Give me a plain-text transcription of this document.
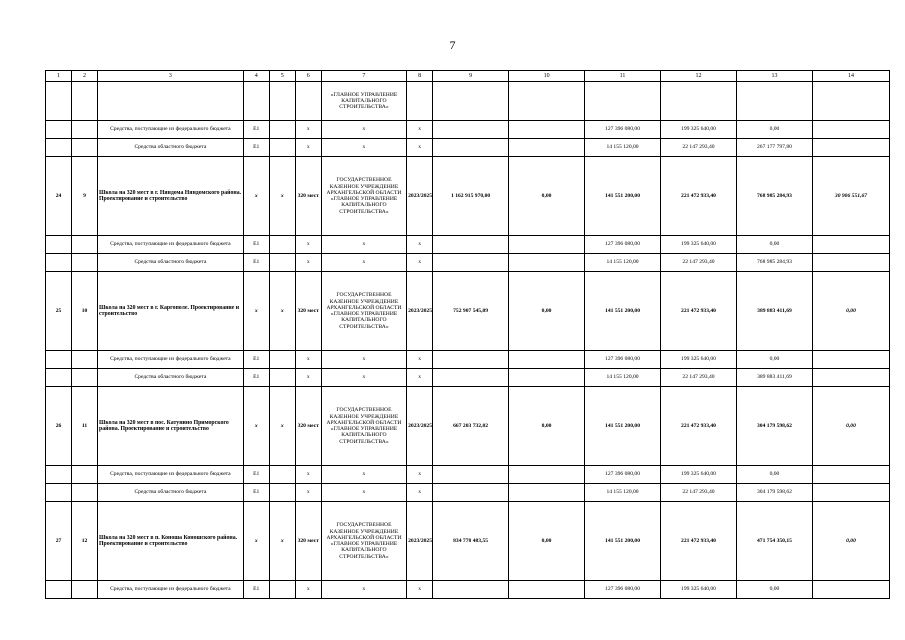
7
1	2	3	4	5	6	7	8	9	10	11	12	13	14
						«ГЛАВНОЕ УПРАВЛЕНИЕ КАПИТАЛЬНОГО СТРОИТЕЛЬСТВА»							
		Средства, поступающие из федерального бюджета	E1		x	x	x			127 396 080,00	199 325 640,00	0,00	
		Средства областного бюджета	E1		x	x	x			14 155 120,00	22 147 293,40	267 177 797,80	
24	9	Школа на 320 мест в г. Няндома Няндомского района. Проектирование и строительство	x	x	320 мест	ГОСУДАРСТВЕННОЕ КАЗЕННОЕ УЧРЕЖДЕНИЕ АРХАНГЕЛЬСКОЙ ОБЛАСТИ «ГЛАВНОЕ УПРАВЛЕНИЕ КАПИТАЛЬНОГО СТРОИТЕЛЬСТВА»	2023/2025	1 162 915 970,00	0,00	141 551 200,00	221 472 933,40	768 985 284,93	30 906 551,67
		Средства, поступающие из федерального бюджета	E1		x	x	x			127 396 080,00	199 325 640,00	0,00	
		Средства областного бюджета	E1		x	x	x			14 155 120,00	22 147 293,40	768 985 284,93	
25	10	Школа на 320 мест в г. Каргополе. Проектирование и строительство	x	x	320 мест	ГОСУДАРСТВЕННОЕ КАЗЕННОЕ УЧРЕЖДЕНИЕ АРХАНГЕЛЬСКОЙ ОБЛАСТИ «ГЛАВНОЕ УПРАВЛЕНИЕ КАПИТАЛЬНОГО СТРОИТЕЛЬСТВА»	2023/2025	752 907 545,09	0,00	141 551 200,00	221 472 933,40	389 883 411,69	0,00
		Средства, поступающие из федерального бюджета	E1		x	x	x			127 396 080,00	199 325 640,00	0,00	
		Средства областного бюджета	E1		x	x	x			14 155 120,00	22 147 293,40	389 883 411,69	
26	11	Школа на 320 мест в пос. Катунино Приморского района. Проектирование и строительство	x	x	320 мест	ГОСУДАРСТВЕННОЕ КАЗЕННОЕ УЧРЕЖДЕНИЕ АРХАНГЕЛЬСКОЙ ОБЛАСТИ «ГЛАВНОЕ УПРАВЛЕНИЕ КАПИТАЛЬНОГО СТРОИТЕЛЬСТВА»	2023/2025	667 203 732,02	0,00	141 551 200,00	221 472 933,40	304 179 598,62	0,00
		Средства, поступающие из федерального бюджета	E1		x	x	x			127 396 080,00	199 325 640,00	0,00	
		Средства областного бюджета	E1		x	x	x			14 155 120,00	22 147 293,40	304 179 598,62	
27	12	Школа на 320 мест в п. Коноша Коношского района. Проектирование и строительство	x	x	320 мест	ГОСУДАРСТВЕННОЕ КАЗЕННОЕ УЧРЕЖДЕНИЕ АРХАНГЕЛЬСКОЙ ОБЛАСТИ «ГЛАВНОЕ УПРАВЛЕНИЕ КАПИТАЛЬНОГО СТРОИТЕЛЬСТВА»	2023/2025	834 778 483,55	0,00	141 551 200,00	221 472 933,40	471 754 350,15	0,00
		Средства, поступающие из федерального бюджета	E1		x	x	x			127 396 080,00	199 325 640,00	0,00	
